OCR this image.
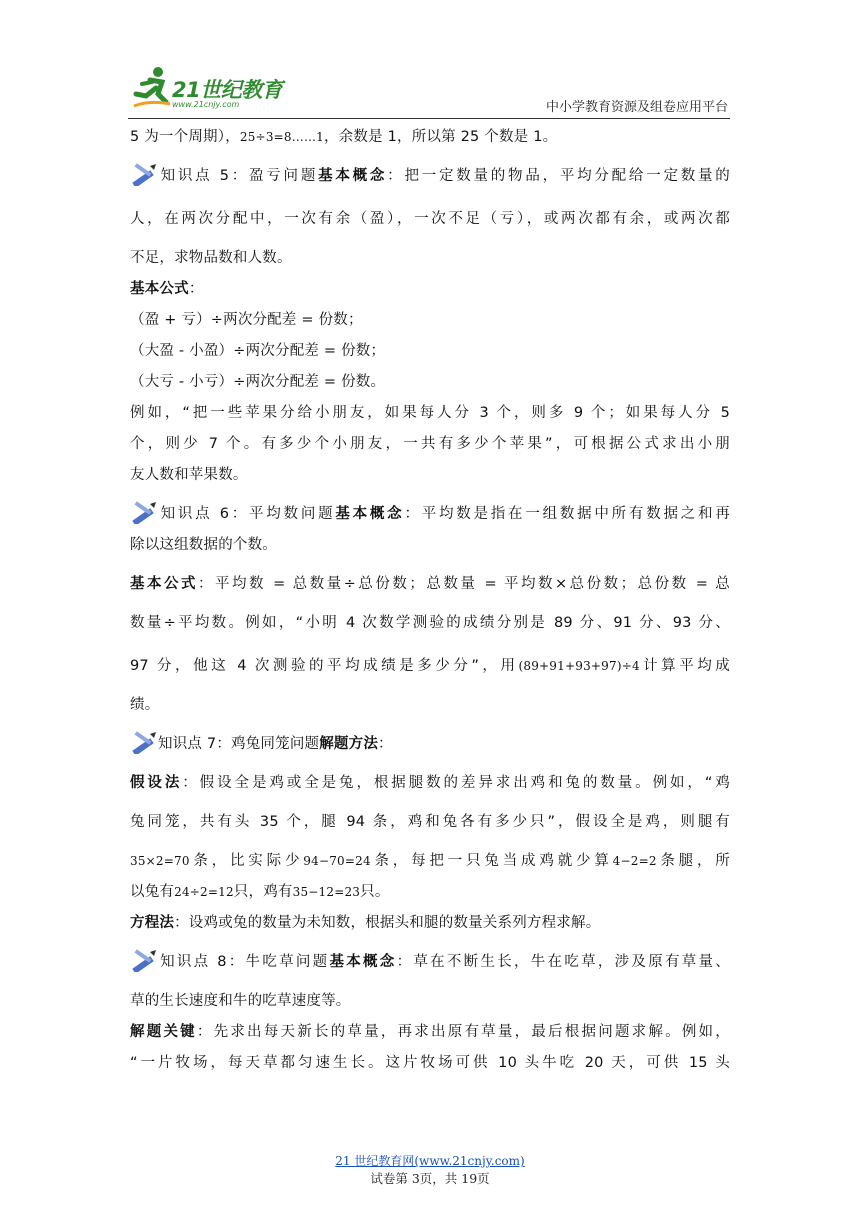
21世纪教育
www.21cnjy.com	中小学教育资源及组卷应用平台
5 为一个周期），25÷3=8……1，余数是 1，所以第 25 个数是 1。
知识点 5：盈亏问题基本概念：把一定数量的物品，平均分配给一定数量的
人，在两次分配中，一次有余（盈），一次不足（亏），或两次都有余，或两次都
不足，求物品数和人数。
基本公式：
（盈 + 亏）÷两次分配差 = 份数；
（大盈 - 小盈）÷两次分配差 = 份数；
（大亏 - 小亏）÷两次分配差 = 份数。
例如，“把一些苹果分给小朋友，如果每人分 3 个，则多 9 个；如果每人分 5
个，则少 7 个。有多少个小朋友，一共有多少个苹果”，可根据公式求出小朋
友人数和苹果数。
知识点 6：平均数问题基本概念：平均数是指在一组数据中所有数据之和再
除以这组数据的个数。
基本公式：平均数 = 总数量÷总份数；总数量 = 平均数×总份数；总份数 = 总
数量÷平均数。例如，“小明 4 次数学测验的成绩分别是 89 分、91 分、93 分、
97 分，他这 4 次测验的平均成绩是多少分”，用(89+91+93+97)÷4计算平均成
绩。
知识点 7：鸡兔同笼问题解题方法：
假设法：假设全是鸡或全是兔，根据腿数的差异求出鸡和兔的数量。例如，“鸡
兔同笼，共有头 35 个，腿 94 条，鸡和兔各有多少只”，假设全是鸡，则腿有
35×2=70条，比实际少94−70=24条，每把一只兔当成鸡就少算4−2=2条腿，所
以兔有24÷2=12只，鸡有35−12=23只。
方程法：设鸡或兔的数量为未知数，根据头和腿的数量关系列方程求解。
知识点 8：牛吃草问题基本概念：草在不断生长，牛在吃草，涉及原有草量、
草的生长速度和牛的吃草速度等。
解题关键：先求出每天新长的草量，再求出原有草量，最后根据问题求解。例如，
“一片牧场，每天草都匀速生长。这片牧场可供 10 头牛吃 20 天，可供 15 头
21 世纪教育网(www.21cnjy.com)
试卷第 3页，共 19页
